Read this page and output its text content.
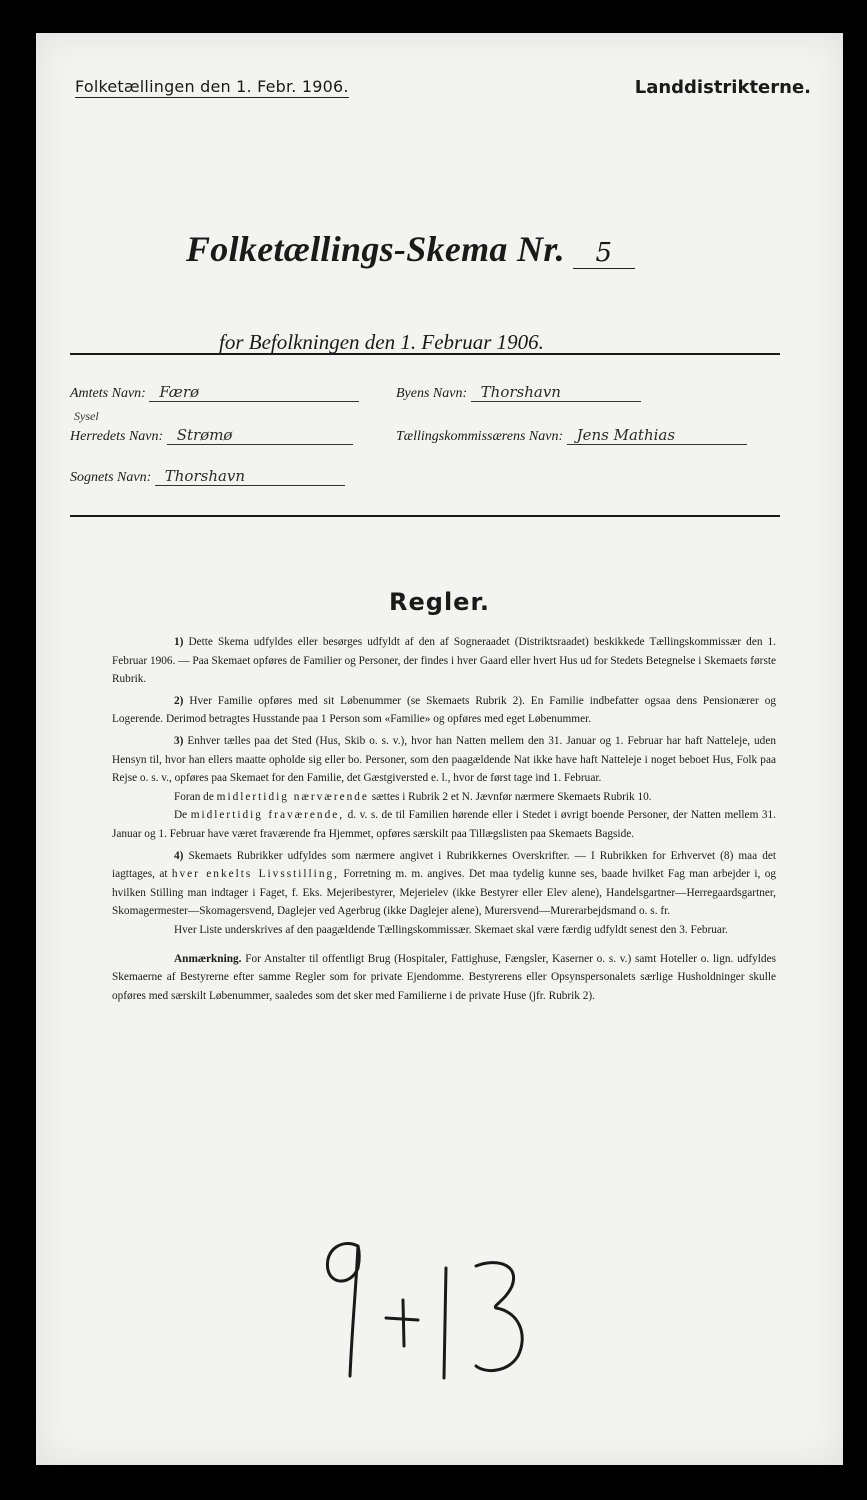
Folketællingen den 1. Febr. 1906.	Landdistrikterne.
Folketællings-Skema Nr. 5
for Befolkningen den 1. Februar 1906.
Amtets Navn: Færø	Byens Navn: Thorshavn
Sysel
Herredets Navn: Strømø	Tællingskommissærens Navn: Jens Mathias
Sognets Navn: Thorshavn
Regler.

1) Dette Skema udfyldes eller besørges udfyldt af den af Sogneraadet (Distriktsraadet) beskikkede Tællingskommissær den 1. Februar 1906. — Paa Skemaet opføres de Familier og Personer, der findes i hver Gaard eller hvert Hus ud for Stedets Betegnelse i Skemaets første Rubrik.

2) Hver Familie opføres med sit Løbenummer (se Skemaets Rubrik 2). En Familie indbefatter ogsaa dens Pensionærer og Logerende. Derimod betragtes Husstande paa 1 Person som «Familie» og opføres med eget Løbenummer.

3) Enhver tælles paa det Sted (Hus, Skib o. s. v.), hvor han Natten mellem den 31. Januar og 1. Februar har haft Natteleje, uden Hensyn til, hvor han ellers maatte opholde sig eller bo. Personer, som den paagældende Nat ikke have haft Natteleje i noget beboet Hus, Folk paa Rejse o. s. v., opføres paa Skemaet for den Familie, det Gæstgiversted e. l., hvor de først tage ind 1. Februar.

Foran de midlertidig nærværende sættes i Rubrik 2 et N. Jævnfør nærmere Skemaets Rubrik 10.

De midlertidig fraværende, d. v. s. de til Familien hørende eller i Stedet i øvrigt boende Personer, der Natten mellem 31. Januar og 1. Februar have været fraværende fra Hjemmet, opføres særskilt paa Tillægslisten paa Skemaets Bagside.

4) Skemaets Rubrikker udfyldes som nærmere angivet i Rubrikkernes Overskrifter. — I Rubrikken for Erhvervet (8) maa det iagttages, at hver enkelts Livsstilling, Forretning m. m. angives. Det maa tydelig kunne ses, baade hvilket Fag man arbejder i, og hvilken Stilling man indtager i Faget, f. Eks. Mejeribestyrer, Mejerielev (ikke Bestyrer eller Elev alene), Handelsgartner—Herregaardsgartner, Skomagermester—Skomagersvend, Daglejer ved Agerbrug (ikke Daglejer alene), Murersvend—Murerarbejdsmand o. s. fr.

Hver Liste underskrives af den paagældende Tællingskommissær. Skemaet skal være færdig udfyldt senest den 3. Februar.

Anmærkning. For Anstalter til offentligt Brug (Hospitaler, Fattighuse, Fængsler, Kaserner o. s. v.) samt Hoteller o. lign. udfyldes Skemaerne af Bestyrerne efter samme Regler som for private Ejendomme. Bestyrerens eller Opsynspersonalets særlige Husholdninger skulle opføres med særskilt Løbenummer, saaledes som det sker med Familierne i de private Huse (jfr. Rubrik 2).
